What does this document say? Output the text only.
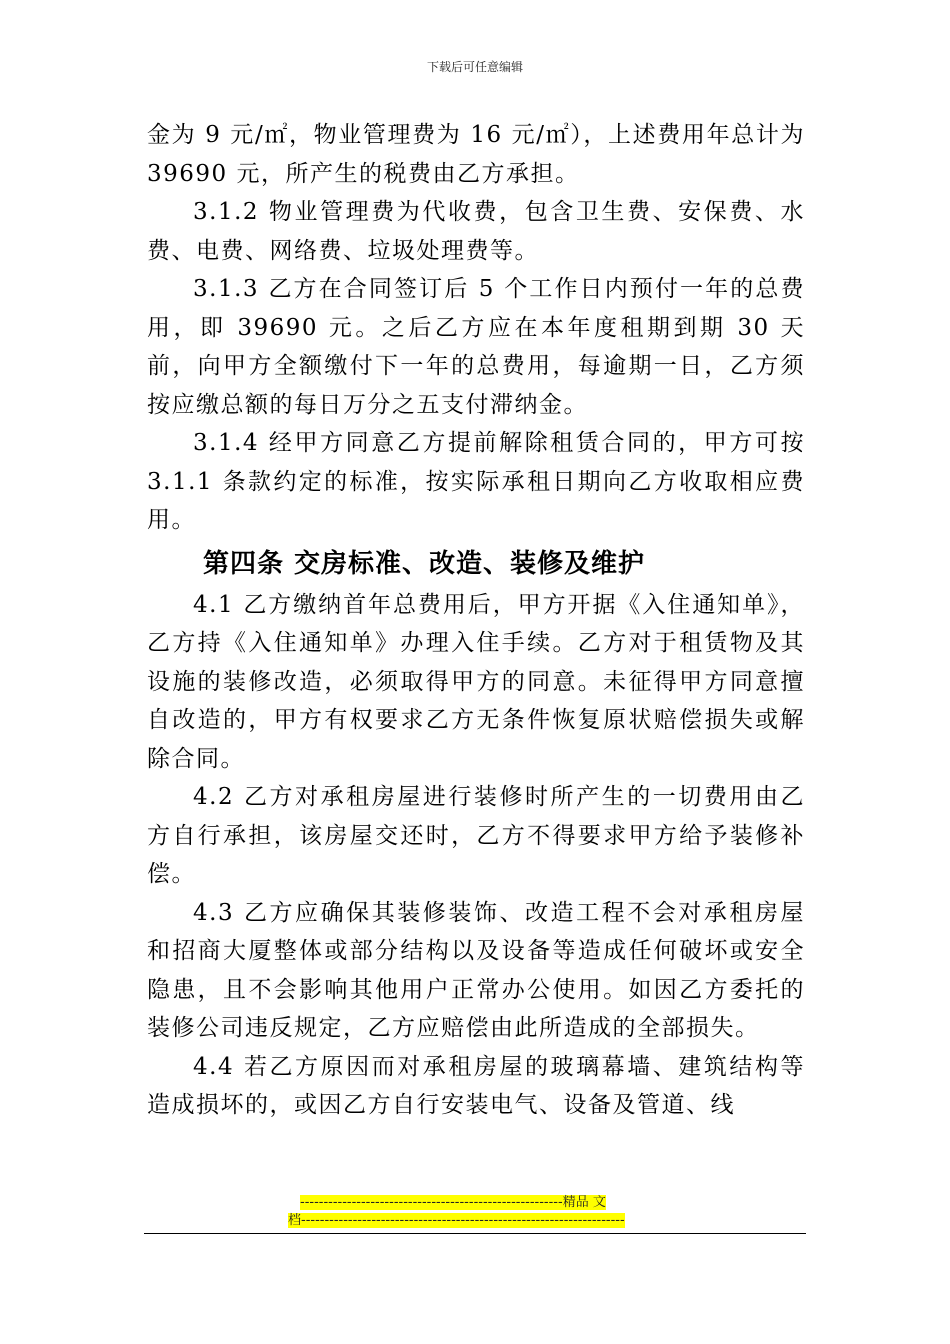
下载后可任意编辑

金为 9 元/㎡，物业管理费为 16 元/㎡），上述费用年总计为 39690 元，所产生的税费由乙方承担。

3.1.2 物业管理费为代收费，包含卫生费、安保费、水费、电费、网络费、垃圾处理费等。

3.1.3 乙方在合同签订后 5 个工作日内预付一年的总费用，即 39690 元。之后乙方应在本年度租期到期 30 天前，向甲方全额缴付下一年的总费用，每逾期一日，乙方须按应缴总额的每日万分之五支付滞纳金。

3.1.4 经甲方同意乙方提前解除租赁合同的，甲方可按 3.1.1 条款约定的标准，按实际承租日期向乙方收取相应费用。

第四条 交房标准、改造、装修及维护

4.1 乙方缴纳首年总费用后，甲方开据《入住通知单》，乙方持《入住通知单》办理入住手续。乙方对于租赁物及其设施的装修改造，必须取得甲方的同意。未征得甲方同意擅自改造的，甲方有权要求乙方无条件恢复原状赔偿损失或解除合同。

4.2 乙方对承租房屋进行装修时所产生的一切费用由乙方自行承担，该房屋交还时，乙方不得要求甲方给予装修补偿。

4.3 乙方应确保其装修装饰、改造工程不会对承租房屋和招商大厦整体或部分结构以及设备等造成任何破坏或安全隐患，且不会影响其他用户正常办公使用。如因乙方委托的装修公司违反规定，乙方应赔偿由此所造成的全部损失。

4.4 若乙方原因而对承租房屋的玻璃幕墙、建筑结构等造成损坏的，或因乙方自行安装电气、设备及管道、线

--------------------------------------------------------精品 文
档---------------------------------------------------------------------
